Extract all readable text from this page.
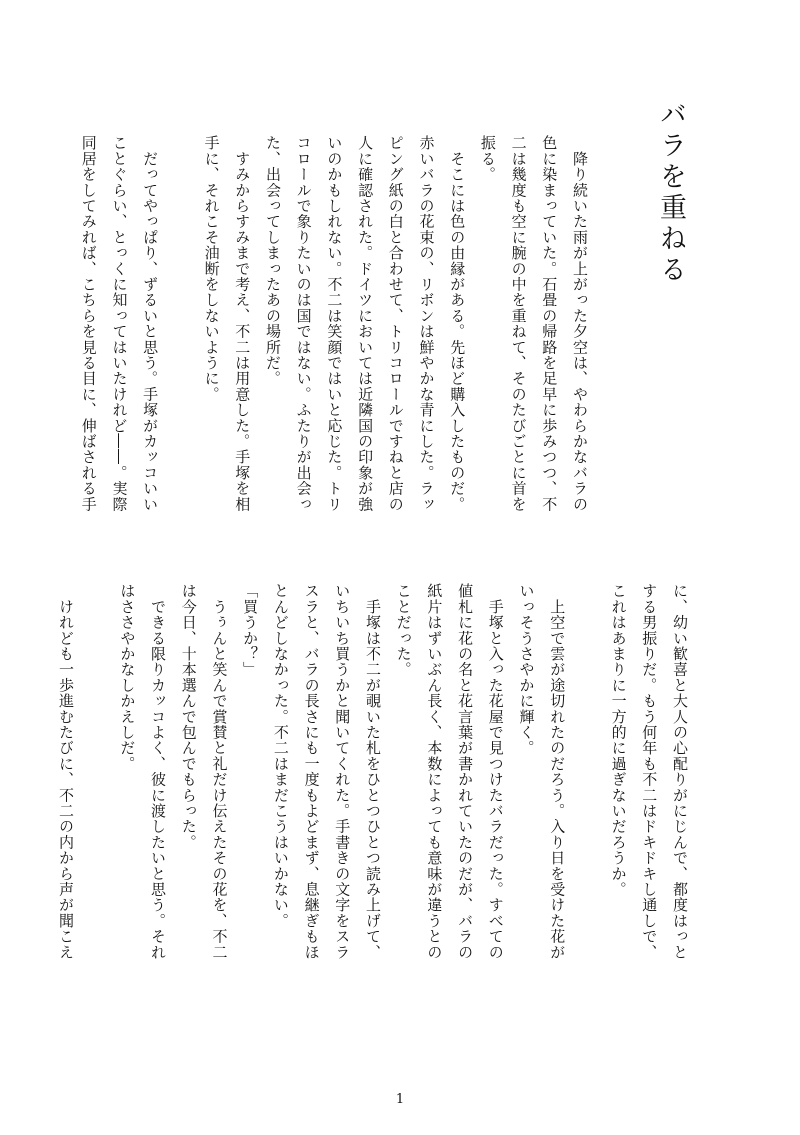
バラを重ねる

　降り続いた雨が上がった夕空は、やわらかなバラの

色に染まっていた。石畳の帰路を足早に歩みつつ、不

二は幾度も空に腕の中を重ねて、そのたびごとに首を

振る。

　そこには色の由縁がある。先ほど購入したものだ。

赤いバラの花束の、リボンは鮮やかな青にした。ラッ

ピング紙の白と合わせて、トリコロールですねと店の

人に確認された。ドイツにおいては近隣国の印象が強

いのかもしれない。不二は笑顔ではいと応じた。トリ

コロールで象りたいのは国ではない。ふたりが出会っ

た、出会ってしまったあの場所だ。

　すみからすみまで考え、不二は用意した。手塚を相

手に、それこそ油断をしないように。

　だってやっぱり、ずるいと思う。手塚がカッコいい

ことぐらい、とっくに知ってはいたけれど――。実際

同居をしてみれば、こちらを見る目に、伸ばされる手

に、幼い歓喜と大人の心配りがにじんで、都度はっと

する男振りだ。もう何年も不二はドキドキし通しで、

これはあまりに一方的に過ぎないだろうか。

　上空で雲が途切れたのだろう。入り日を受けた花が

いっそうさやかに輝く。

　手塚と入った花屋で見つけたバラだった。すべての

値札に花の名と花言葉が書かれていたのだが、バラの

紙片はずいぶん長く、本数によっても意味が違うとの

ことだった。

　手塚は不二が覗いた札をひとつひとつ読み上げて、

いちいち買うかと聞いてくれた。手書きの文字をスラ

スラと、バラの長さにも一度もよどまず、息継ぎもほ

とんどしなかった。不二はまだこうはいかない。

「買うか？」

　うぅんと笑んで賞賛と礼だけ伝えたその花を、不二

は今日、十本選んで包んでもらった。

　できる限りカッコよく、彼に渡したいと思う。それ

はささやかなしかえしだ。

　けれども一歩進むたびに、不二の内から声が聞こえ

1
